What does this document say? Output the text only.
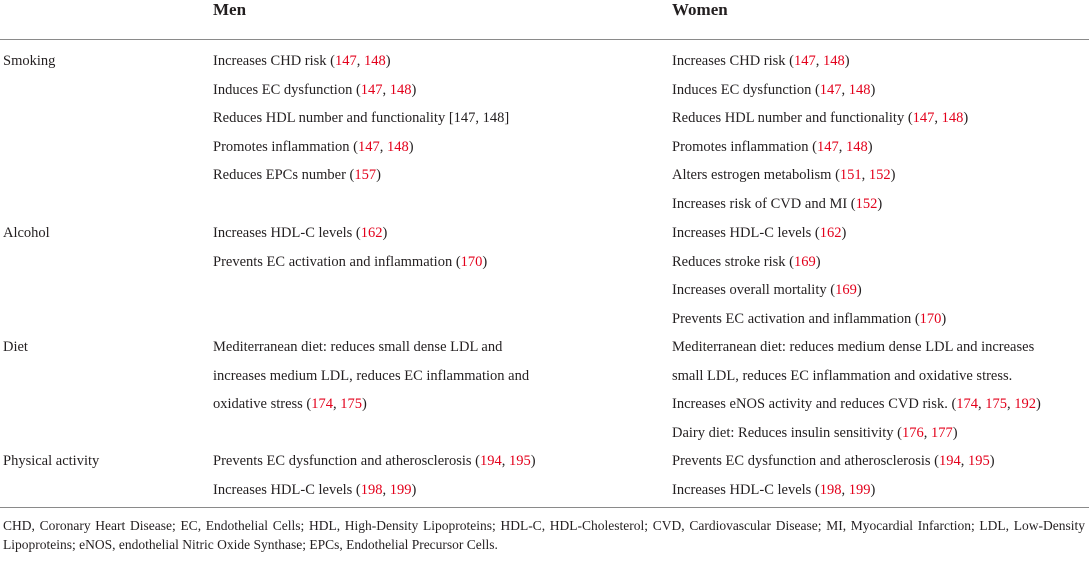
Men	Women
Smoking
Alcohol
Diet
Physical activity
Increases CHD risk (147, 148)
Induces EC dysfunction (147, 148)
Reduces HDL number and functionality [147, 148]
Promotes inflammation (147, 148)
Reduces EPCs number (157)
Increases HDL-C levels (162)
Prevents EC activation and inflammation (170)
Mediterranean diet: reduces small dense LDL and
increases medium LDL, reduces EC inflammation and
oxidative stress (174, 175)
Prevents EC dysfunction and atherosclerosis (194, 195)
Increases HDL-C levels (198, 199)
Increases CHD risk (147, 148)
Induces EC dysfunction (147, 148)
Reduces HDL number and functionality (147, 148)
Promotes inflammation (147, 148)
Alters estrogen metabolism (151, 152)
Increases risk of CVD and MI (152)
Increases HDL-C levels (162)
Reduces stroke risk (169)
Increases overall mortality (169)
Prevents EC activation and inflammation (170)
Mediterranean diet: reduces medium dense LDL and increases
small LDL, reduces EC inflammation and oxidative stress.
Increases eNOS activity and reduces CVD risk. (174, 175, 192)
Dairy diet: Reduces insulin sensitivity (176, 177)
Prevents EC dysfunction and atherosclerosis (194, 195)
Increases HDL-C levels (198, 199)
CHD, Coronary Heart Disease; EC, Endothelial Cells; HDL, High-Density Lipoproteins; HDL-C, HDL-Cholesterol; CVD, Cardiovascular Disease; MI, Myocardial Infarction; LDL, Low-Density Lipoproteins; eNOS, endothelial Nitric Oxide Synthase; EPCs, Endothelial Precursor Cells.
